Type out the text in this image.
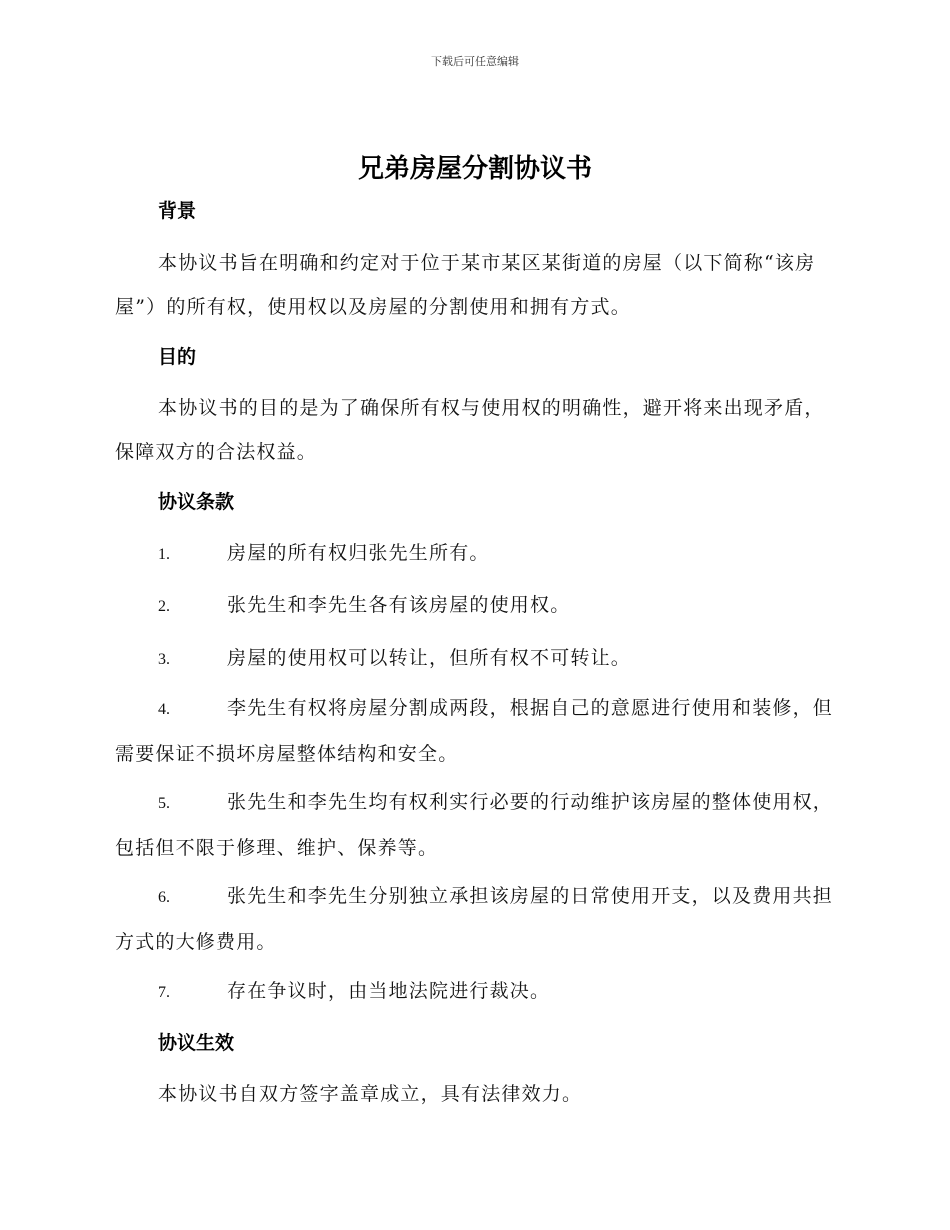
下载后可任意编辑
兄弟房屋分割协议书
背景
本协议书旨在明确和约定对于位于某市某区某街道的房屋（以下简称“该房屋”）的所有权，使用权以及房屋的分割使用和拥有方式。
目的
本协议书的目的是为了确保所有权与使用权的明确性，避开将来出现矛盾，保障双方的合法权益。
协议条款
1.	房屋的所有权归张先生所有。
2.	张先生和李先生各有该房屋的使用权。
3.	房屋的使用权可以转让，但所有权不可转让。
4.	李先生有权将房屋分割成两段，根据自己的意愿进行使用和装修，但需要保证不损坏房屋整体结构和安全。
5.	张先生和李先生均有权利实行必要的行动维护该房屋的整体使用权，包括但不限于修理、维护、保养等。
6.	张先生和李先生分别独立承担该房屋的日常使用开支，以及费用共担方式的大修费用。
7.	存在争议时，由当地法院进行裁决。
协议生效
本协议书自双方签字盖章成立，具有法律效力。
